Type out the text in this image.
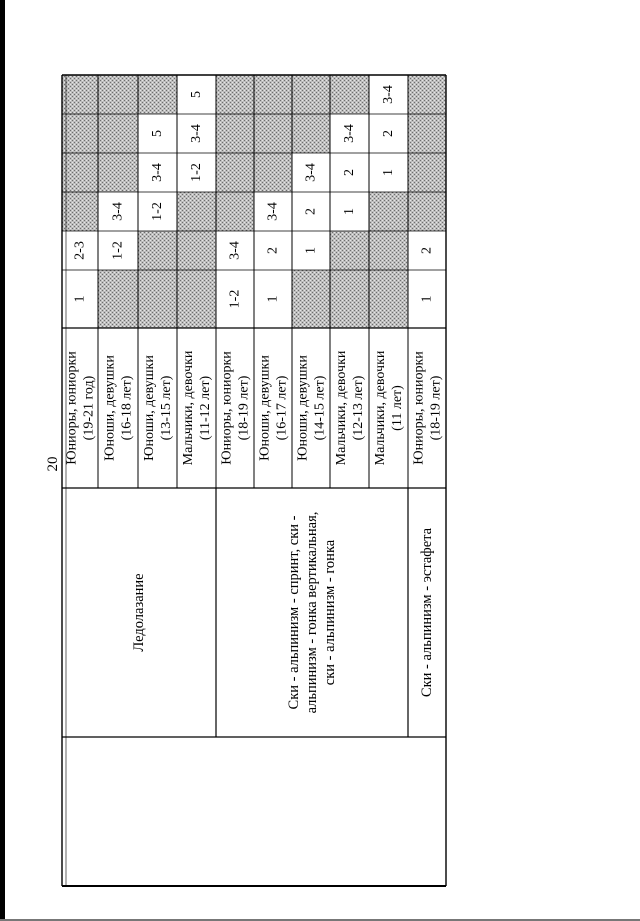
20
1
2-3
Юниоры, юниорки (19-21 год)
1-2
3-4
Юноши, девушки (16-18 лет)
1-2
3-4
5
Юноши, девушки (13-15 лет)
1-2
3-4
5
Мальчики, девочки (11-12 лет)
1-2
3-4
Юниоры, юниорки (18-19 лет)
1
2
3-4
Юноши, девушки (16-17 лет)
1
2
3-4
Юноши, девушки (14-15 лет)
1
2
3-4
Мальчики, девочки (12-13 лет)
1
2
3-4
Мальчики, девочки (11 лет)
1
2
Юниоры, юниорки (18-19 лет)
Ледолазание	Ски - альпинизм - спринт, ски - альпинизм - гонка вертикальная, ски - альпинизм - гонка	Ски - альпинизм - эстафета
